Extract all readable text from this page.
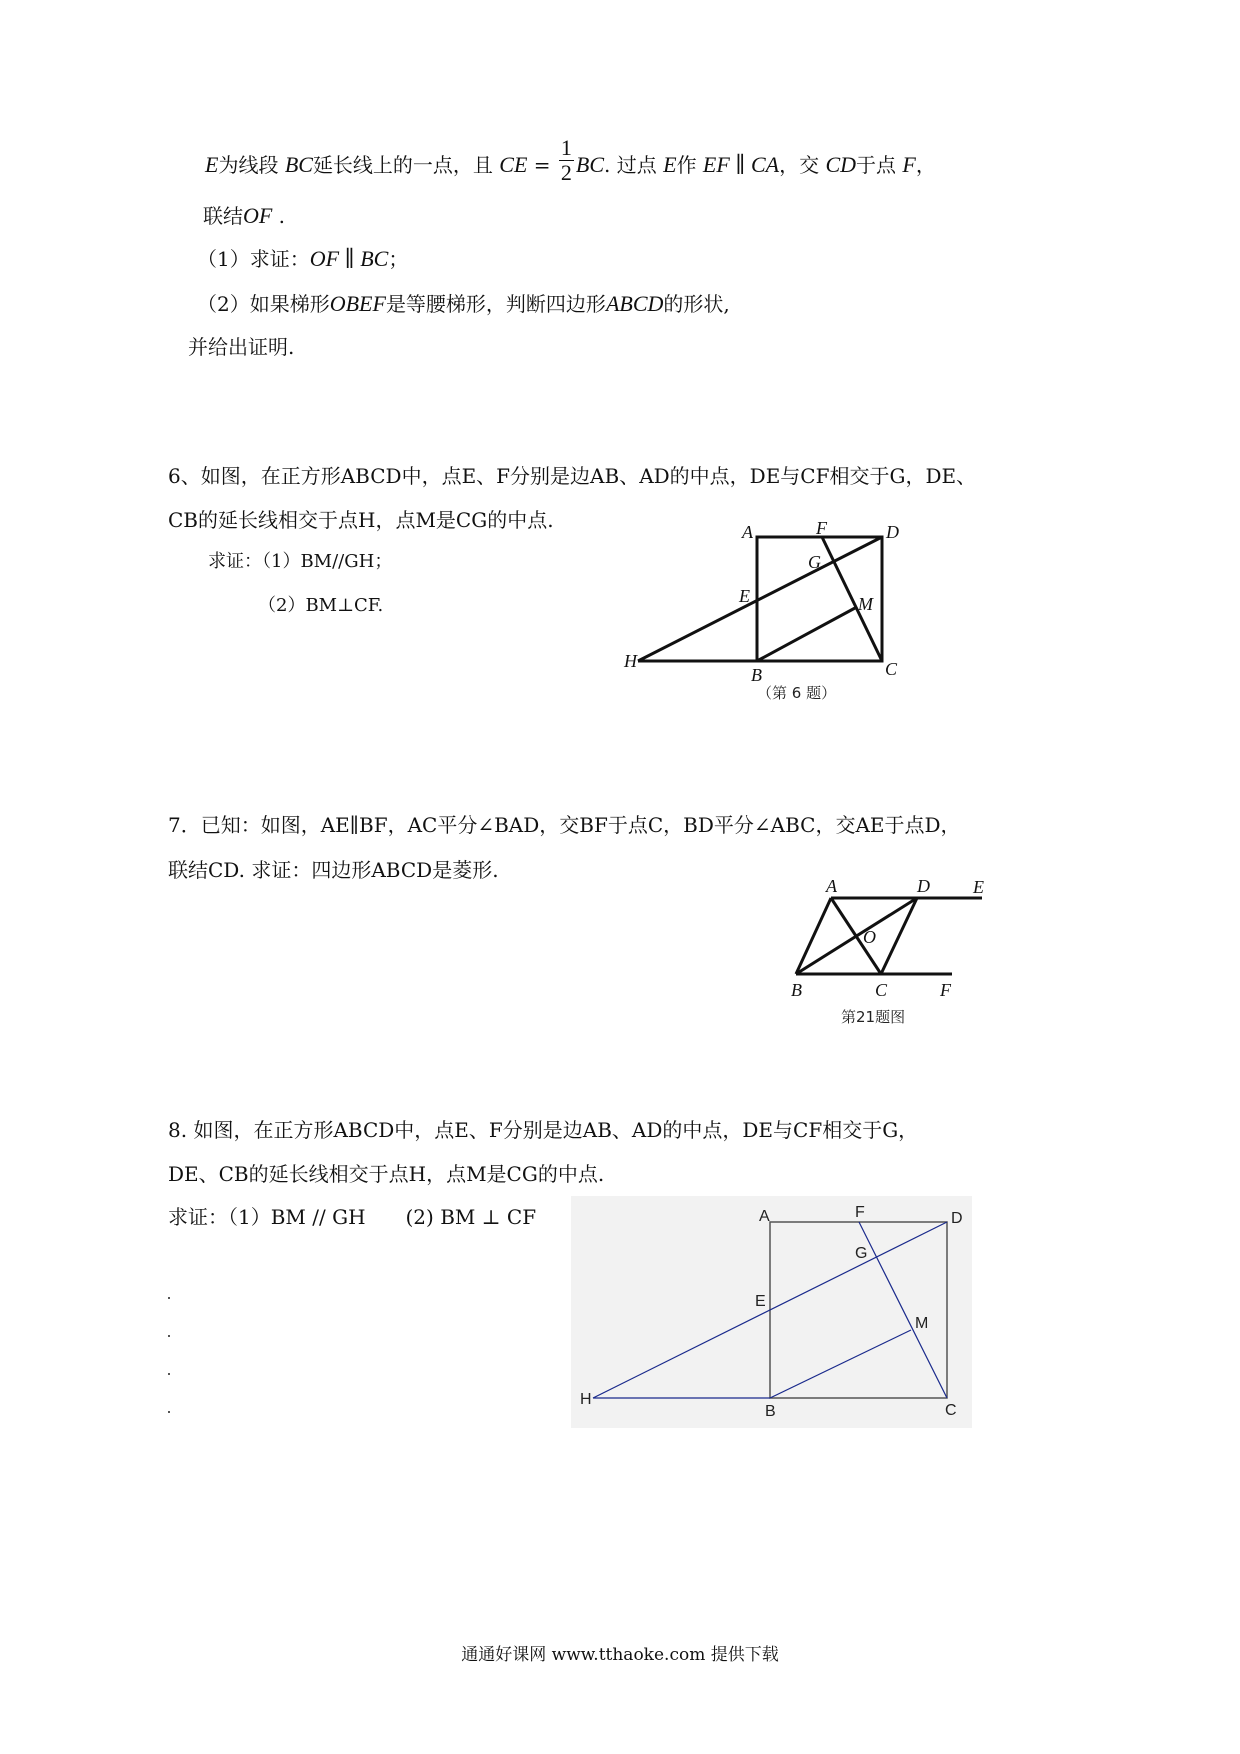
E为线段 BC延长线上的一点，且 CE = $\frac{1}{2}$ BC. 过点 E作 EF ∥ CA，交 CD于点 F，
联结OF .
（1）求证：OF ∥ BC；
（2）如果梯形OBEF是等腰梯形，判断四边形ABCD的形状,
并给出证明.
6、如图，在正方形ABCD中，点E、F分别是边AB、AD的中点，DE与CF相交于G，DE、
CB的延长线相交于点H，点M是CG的中点.
求证：（1）BM//GH；
（2）BM⊥CF.
A	F	D
G
E	M
H
B	C
（第 6 题）
7．已知：如图，AE∥BF，AC平分∠BAD，交BF于点C，BD平分∠ABC，交AE于点D，
联结CD. 求证：四边形ABCD是菱形.
A	D E
O
B	C	F
第21题图
8. 如图，在正方形ABCD中，点E、F分别是边AB、AD的中点，DE与CF相交于G，
DE、CB的延长线相交于点H，点M是CG的中点.
求证：（1）BM // GH　　(2) BM ⊥ CF	A	F	D
G
E
M
H
B	C
通通好课网 www.tthaoke.com 提供下载
